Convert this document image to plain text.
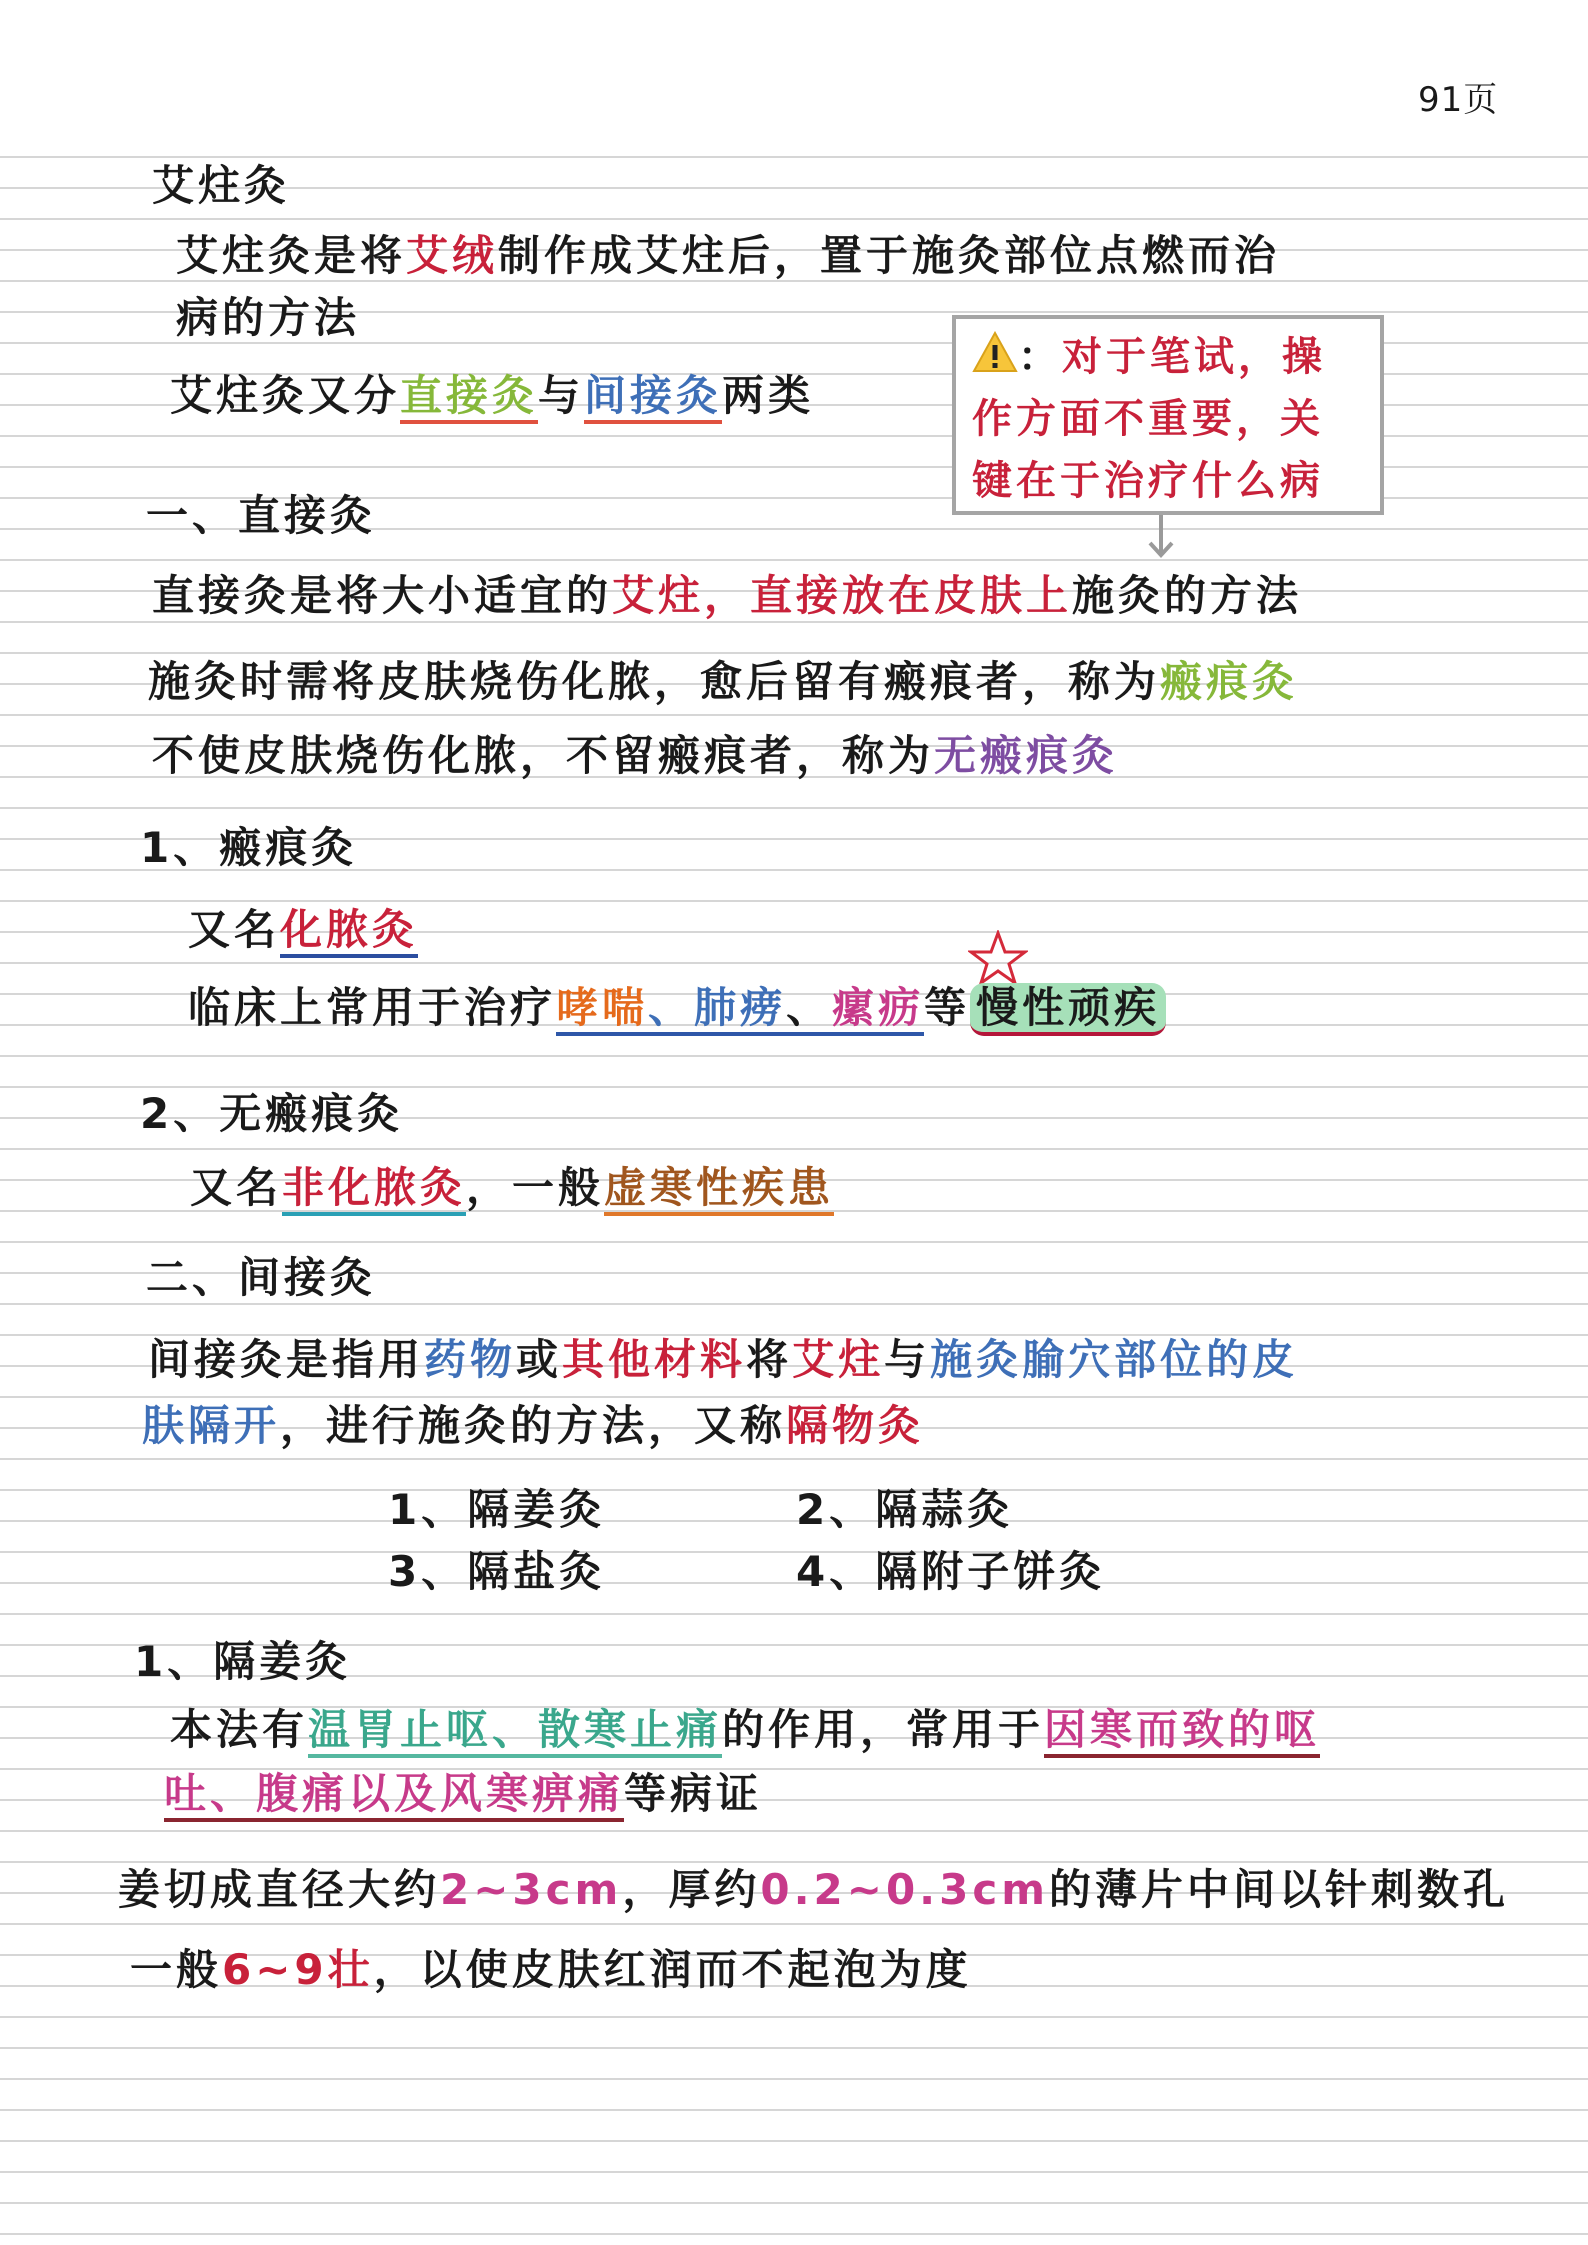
91页
艾炷灸
艾炷灸是将艾绒制作成艾炷后，置于施灸部位点燃而治
病的方法
艾炷灸又分直接灸与间接灸两类
：对于笔试，操
作方面不重要，关
键在于治疗什么病
一、直接灸
直接灸是将大小适宜的艾炷，直接放在皮肤上施灸的方法
施灸时需将皮肤烧伤化脓，愈后留有瘢痕者，称为瘢痕灸
不使皮肤烧伤化脓，不留瘢痕者，称为无瘢痕灸
1、瘢痕灸
又名化脓灸
临床上常用于治疗哮喘、肺痨、瘰疬等 慢性顽疾
2、无瘢痕灸
又名非化脓灸，一般虚寒性疾患
二、间接灸
间接灸是指用药物或其他材料将艾炷与施灸腧穴部位的皮
肤隔开，进行施灸的方法，又称隔物灸
1、隔姜灸	2、隔蒜灸
3、隔盐灸	4、隔附子饼灸
1、隔姜灸
本法有温胃止呕、散寒止痛的作用，常用于因寒而致的呕
吐、腹痛以及风寒痹痛等病证
姜切成直径大约2~3cm，厚约0.2~0.3cm的薄片中间以针刺数孔
一般6~9壮，以使皮肤红润而不起泡为度
